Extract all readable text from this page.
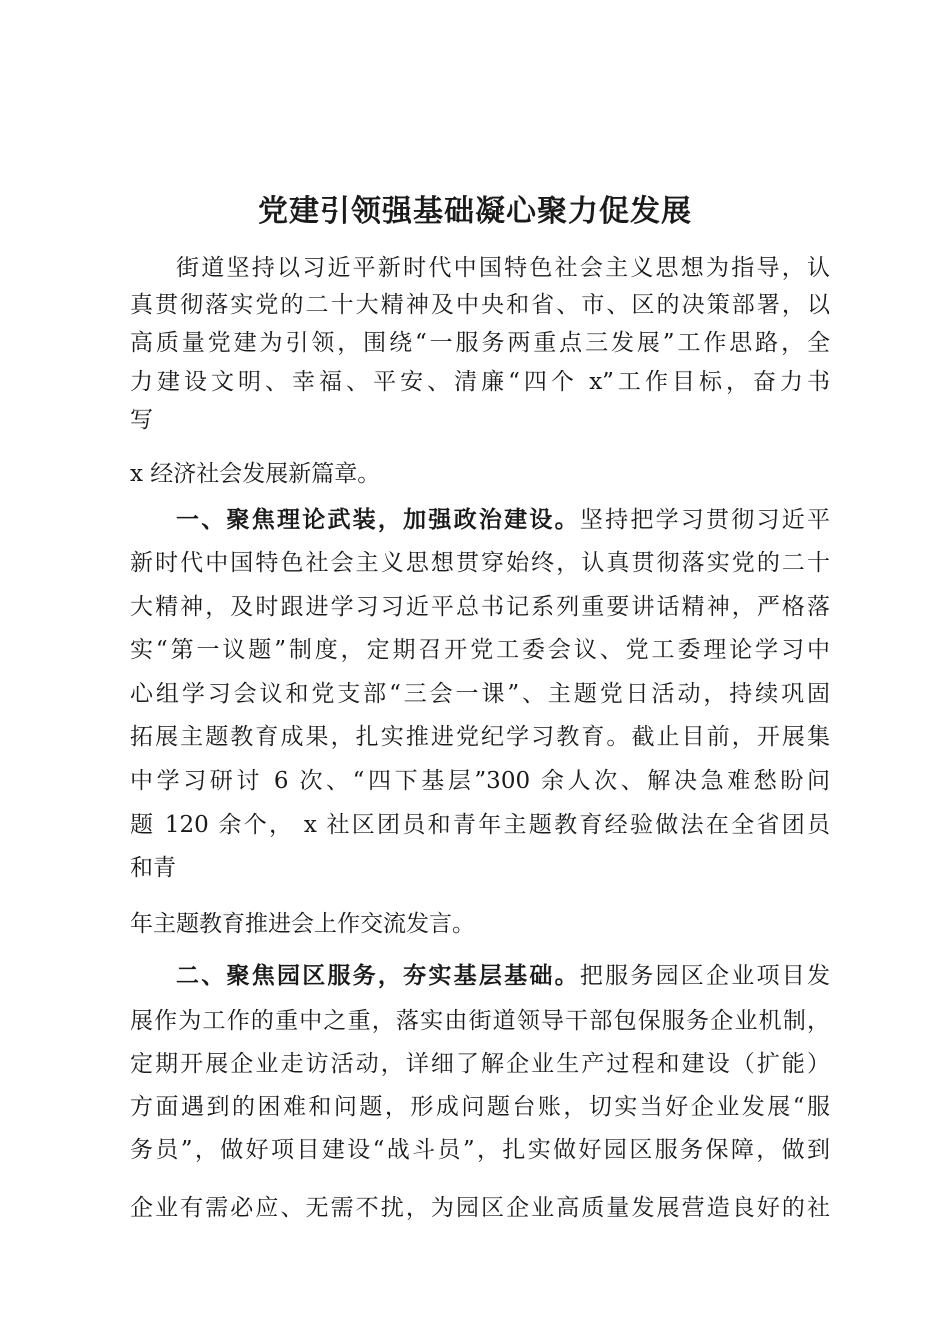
党建引领强基础凝心聚力促发展

街道坚持以习近平新时代中国特色社会主义思想为指导，认

真贯彻落实党的二十大精神及中央和省、市、区的决策部署，以

高质量党建为引领，围绕“一服务两重点三发展”工作思路，全

力建设文明、幸福、平安、清廉“四个 x”工作目标，奋力书

写

x 经济社会发展新篇章。

一、聚焦理论武装，加强政治建设。坚持把学习贯彻习近平

新时代中国特色社会主义思想贯穿始终，认真贯彻落实党的二十

大精神，及时跟进学习习近平总书记系列重要讲话精神，严格落

实“第一议题”制度，定期召开党工委会议、党工委理论学习中

心组学习会议和党支部“三会一课”、主题党日活动，持续巩固

拓展主题教育成果，扎实推进党纪学习教育。截止目前，开展集

中学习研讨 6 次、“四下基层”300 余人次、解决急难愁盼问

题 120 余个， x 社区团员和青年主题教育经验做法在全省团员

和青

年主题教育推进会上作交流发言。

二、聚焦园区服务，夯实基层基础。把服务园区企业项目发

展作为工作的重中之重，落实由街道领导干部包保服务企业机制，

定期开展企业走访活动，详细了解企业生产过程和建设（扩能）

方面遇到的困难和问题，形成问题台账，切实当好企业发展“服

务员”，做好项目建设“战斗员”，扎实做好园区服务保障，做到

企业有需必应、无需不扰，为园区企业高质量发展营造良好的社
